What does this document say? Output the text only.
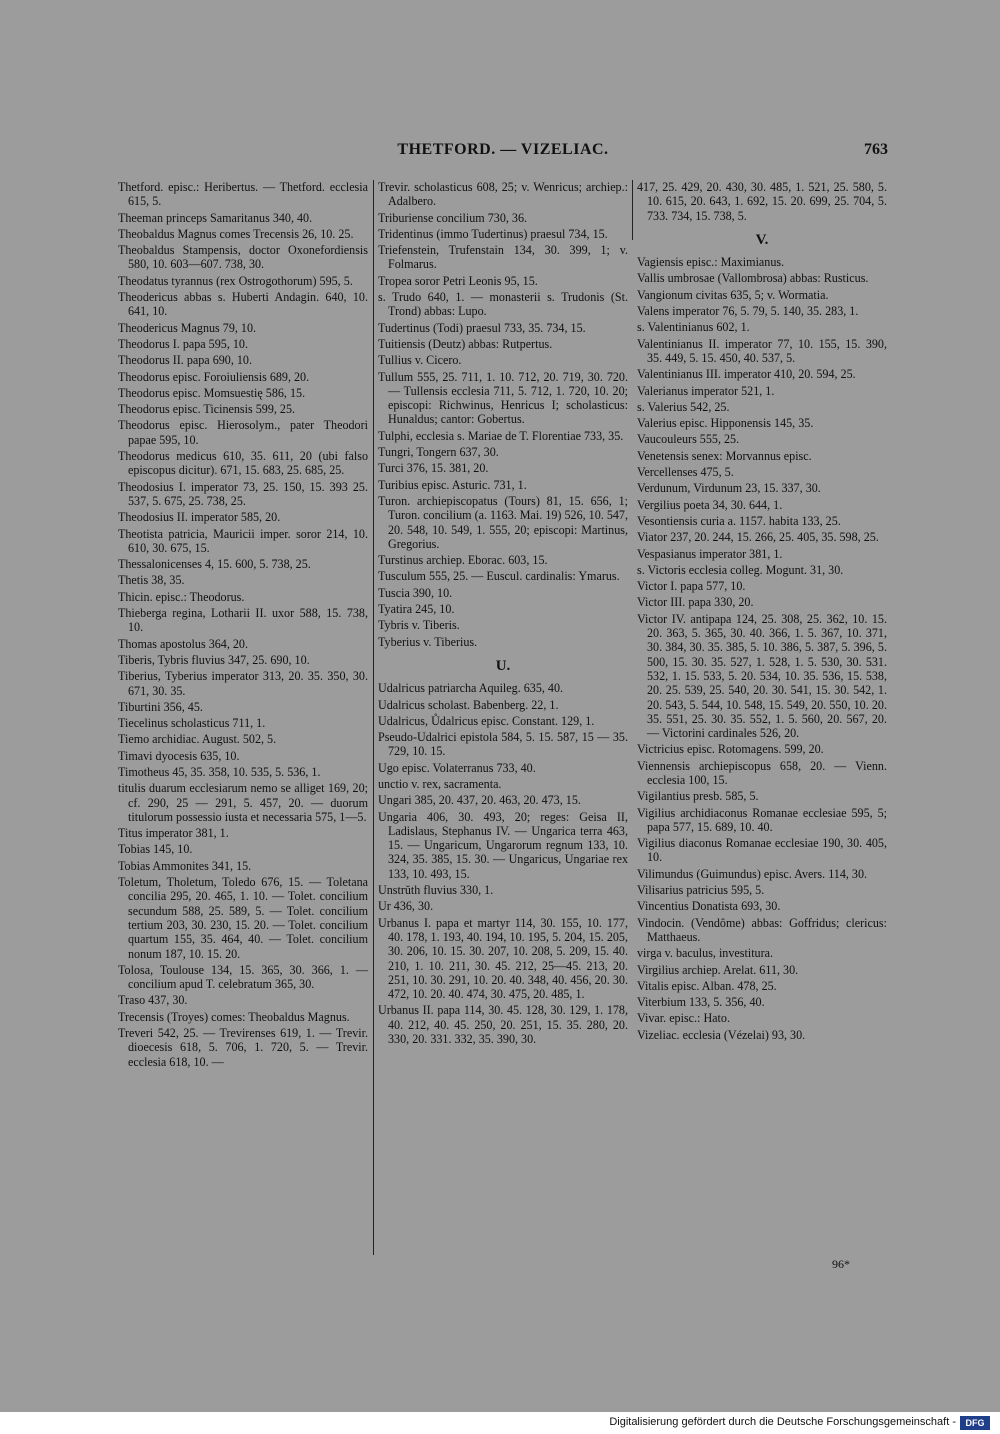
THETFORD. — VIZELIAC.	763
Thetford. episc.: Heribertus. — Thetford. ecclesia 615, 5.
Theeman princeps Samaritanus 340, 40.
Theobaldus Magnus comes Trecensis 26, 10. 25.
Theobaldus Stampensis, doctor Oxonefordiensis 580, 10. 603—607. 738, 30.
Theodatus tyrannus (rex Ostrogothorum) 595, 5.
Theodericus abbas s. Huberti Andagin. 640, 10. 641, 10.
Theodericus Magnus 79, 10.
Theodorus I. papa 595, 10.
Theodorus II. papa 690, 10.
Theodorus episc. Foroiuliensis 689, 20.
Theodorus episc. Momsuestię 586, 15.
Theodorus episc. Ticinensis 599, 25.
Theodorus episc. Hierosolym., pater Theodori papae 595, 10.
Theodorus medicus 610, 35. 611, 20 (ubi falso episcopus dicitur). 671, 15. 683, 25. 685, 25.
Theodosius I. imperator 73, 25. 150, 15. 393 25. 537, 5. 675, 25. 738, 25.
Theodosius II. imperator 585, 20.
Theotista patricia, Mauricii imper. soror 214, 10. 610, 30. 675, 15.
Thessalonicenses 4, 15. 600, 5. 738, 25.
Thetis 38, 35.
Thicin. episc.: Theodorus.
Thieberga regina, Lotharii II. uxor 588, 15. 738, 10.
Thomas apostolus 364, 20.
Tiberis, Tybris fluvius 347, 25. 690, 10.
Tiberius, Tyberius imperator 313, 20. 35. 350, 30. 671, 30. 35.
Tiburtini 356, 45.
Tiecelinus scholasticus 711, 1.
Tiemo archidiac. August. 502, 5.
Timavi dyocesis 635, 10.
Timotheus 45, 35. 358, 10. 535, 5. 536, 1.
titulis duarum ecclesiarum nemo se alliget 169, 20; cf. 290, 25 — 291, 5. 457, 20. — duorum titulorum possessio iusta et necessaria 575, 1—5.
Titus imperator 381, 1.
Tobias 145, 10.
Tobias Ammonites 341, 15.
Toletum, Tholetum, Toledo 676, 15. — Toletana concilia 295, 20. 465, 1. 10. — Tolet. concilium secundum 588, 25. 589, 5. — Tolet. concilium tertium 203, 30. 230, 15. 20. — Tolet. concilium quartum 155, 35. 464, 40. — Tolet. concilium nonum 187, 10. 15. 20.
Tolosa, Toulouse 134, 15. 365, 30. 366, 1. — concilium apud T. celebratum 365, 30.
Traso 437, 30.
Trecensis (Troyes) comes: Theobaldus Magnus.
Treveri 542, 25. — Trevirenses 619, 1. — Trevir. dioecesis 618, 5. 706, 1. 720, 5. — Trevir. ecclesia 618, 10. —
Trevir. scholasticus 608, 25; v. Wenricus; archiep.: Adalbero.
Triburiense concilium 730, 36.
Tridentinus (immo Tudertinus) praesul 734, 15.
Triefenstein, Trufenstain 134, 30. 399, 1; v. Folmarus.
Tropea soror Petri Leonis 95, 15.
s. Trudo 640, 1. — monasterii s. Trudonis (St. Trond) abbas: Lupo.
Tudertinus (Todi) praesul 733, 35. 734, 15.
Tuitiensis (Deutz) abbas: Rutpertus.
Tullius v. Cicero.
Tullum 555, 25. 711, 1. 10. 712, 20. 719, 30. 720. — Tullensis ecclesia 711, 5. 712, 1. 720, 10. 20; episcopi: Richwinus, Henricus I; scholasticus: Hunaldus; cantor: Gobertus.
Tulphi, ecclesia s. Mariae de T. Florentiae 733, 35.
Tungri, Tongern 637, 30.
Turci 376, 15. 381, 20.
Turibius episc. Asturic. 731, 1.
Turon. archiepiscopatus (Tours) 81, 15. 656, 1; Turon. concilium (a. 1163. Mai. 19) 526, 10. 547, 20. 548, 10. 549, 1. 555, 20; episcopi: Martinus, Gregorius.
Turstinus archiep. Eborac. 603, 15.
Tusculum 555, 25. — Euscul. cardinalis: Ymarus.
Tuscia 390, 10.
Tyatira 245, 10.
Tybris v. Tiberis.
Tyberius v. Tiberius.
U.
Udalricus patriarcha Aquileg. 635, 40.
Udalricus scholast. Babenberg. 22, 1.
Udalricus, Ůdalricus episc. Constant. 129, 1.
Pseudo-Udalrici epistola 584, 5. 15. 587, 15 — 35. 729, 10. 15.
Ugo episc. Volaterranus 733, 40.
unctio v. rex, sacramenta.
Ungari 385, 20. 437, 20. 463, 20. 473, 15.
Ungaria 406, 30. 493, 20; reges: Geisa II, Ladislaus, Stephanus IV. — Ungarica terra 463, 15. — Ungaricum, Ungarorum regnum 133, 10. 324, 35. 385, 15. 30. — Ungaricus, Ungariae rex 133, 10. 493, 15.
Unstrŭth fluvius 330, 1.
Ur 436, 30.
Urbanus I. papa et martyr 114, 30. 155, 10. 177, 40. 178, 1. 193, 40. 194, 10. 195, 5. 204, 15. 205, 30. 206, 10. 15. 30. 207, 10. 208, 5. 209, 15. 40. 210, 1. 10. 211, 30. 45. 212, 25—45. 213, 20. 251, 10. 30. 291, 10. 20. 40. 348, 40. 456, 20. 30. 472, 10. 20. 40. 474, 30. 475, 20. 485, 1.
Urbanus II. papa 114, 30. 45. 128, 30. 129, 1. 178, 40. 212, 40. 45. 250, 20. 251, 15. 35. 280, 20. 330, 20. 331. 332, 35. 390, 30.
417, 25. 429, 20. 430, 30. 485, 1. 521, 25. 580, 5. 10. 615, 20. 643, 1. 692, 15. 20. 699, 25. 704, 5. 733. 734, 15. 738, 5.
V.
Vagiensis episc.: Maximianus.
Vallis umbrosae (Vallombrosa) abbas: Rusticus.
Vangionum civitas 635, 5; v. Wormatia.
Valens imperator 76, 5. 79, 5. 140, 35. 283, 1.
s. Valentinianus 602, 1.
Valentinianus II. imperator 77, 10. 155, 15. 390, 35. 449, 5. 15. 450, 40. 537, 5.
Valentinianus III. imperator 410, 20. 594, 25.
Valerianus imperator 521, 1.
s. Valerius 542, 25.
Valerius episc. Hipponensis 145, 35.
Vaucouleurs 555, 25.
Venetensis senex: Morvannus episc.
Vercellenses 475, 5.
Verdunum, Virdunum 23, 15. 337, 30.
Vergilius poeta 34, 30. 644, 1.
Vesontiensis curia a. 1157. habita 133, 25.
Viator 237, 20. 244, 15. 266, 25. 405, 35. 598, 25.
Vespasianus imperator 381, 1.
s. Victoris ecclesia colleg. Mogunt. 31, 30.
Victor I. papa 577, 10.
Victor III. papa 330, 20.
Victor IV. antipapa 124, 25. 308, 25. 362, 10. 15. 20. 363, 5. 365, 30. 40. 366, 1. 5. 367, 10. 371, 30. 384, 30. 35. 385, 5. 10. 386, 5. 387, 5. 396, 5. 500, 15. 30. 35. 527, 1. 528, 1. 5. 530, 30. 531. 532, 1. 15. 533, 5. 20. 534, 10. 35. 536, 15. 538, 20. 25. 539, 25. 540, 20. 30. 541, 15. 30. 542, 1. 20. 543, 5. 544, 10. 548, 15. 549, 20. 550, 10. 20. 35. 551, 25. 30. 35. 552, 1. 5. 560, 20. 567, 20. — Victorini cardinales 526, 20.
Victricius episc. Rotomagens. 599, 20.
Viennensis archiepiscopus 658, 20. — Vienn. ecclesia 100, 15.
Vigilantius presb. 585, 5.
Vigilius archidiaconus Romanae ecclesiae 595, 5; papa 577, 15. 689, 10. 40.
Vigilius diaconus Romanae ecclesiae 190, 30. 405, 10.
Vilimundus (Guimundus) episc. Avers. 114, 30.
Vilisarius patricius 595, 5.
Vincentius Donatista 693, 30.
Vindocin. (Vendôme) abbas: Goffridus; clericus: Matthaeus.
virga v. baculus, investitura.
Virgilius archiep. Arelat. 611, 30.
Vitalis episc. Alban. 478, 25.
Viterbium 133, 5. 356, 40.
Vivar. episc.: Hato.
Vizeliac. ecclesia (Vézelai) 93, 30.
96*
Digitalisierung gefördert durch die Deutsche Forschungsgemeinschaft -	DFG
